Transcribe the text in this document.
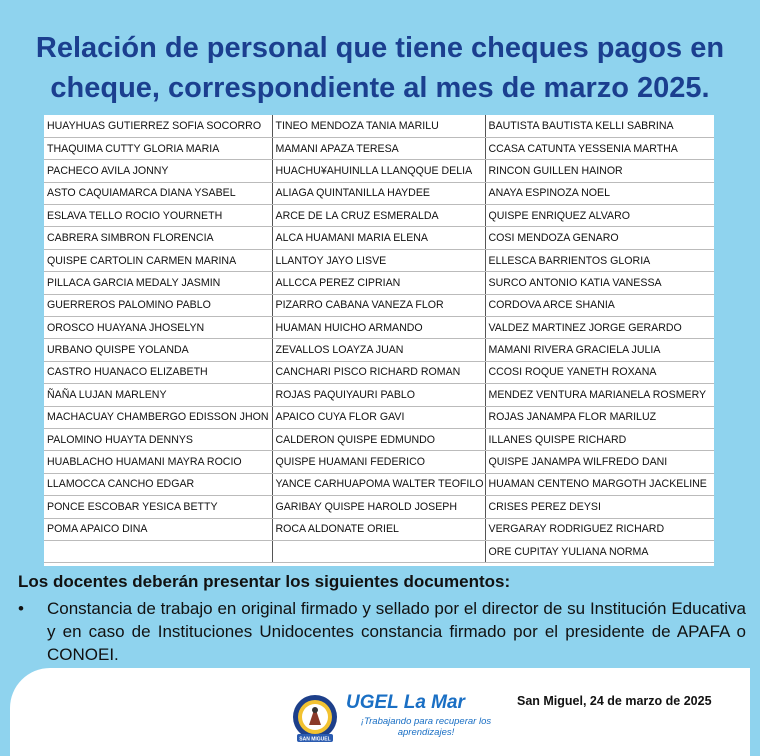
Relación de personal que tiene cheques pagos en
cheque, correspondiente al mes de marzo 2025.
HUAYHUAS GUTIERREZ SOFIA SOCORRO	TINEO MENDOZA TANIA MARILU	BAUTISTA BAUTISTA KELLI SABRINA
THAQUIMA CUTTY GLORIA MARIA	MAMANI APAZA TERESA	CCASA CATUNTA YESSENIA MARTHA
PACHECO AVILA JONNY	HUACHU¥AHUINLLA LLANQQUE DELIA	RINCON GUILLEN HAINOR
ASTO CAQUIAMARCA DIANA YSABEL	ALIAGA QUINTANILLA HAYDEE	ANAYA ESPINOZA NOEL
ESLAVA TELLO ROCIO YOURNETH	ARCE DE LA CRUZ ESMERALDA	QUISPE ENRIQUEZ ALVARO
CABRERA SIMBRON FLORENCIA	ALCA HUAMANI MARIA ELENA	COSI MENDOZA GENARO
QUISPE CARTOLIN CARMEN MARINA	LLANTOY JAYO LISVE	ELLESCA BARRIENTOS GLORIA
PILLACA GARCIA MEDALY JASMIN	ALLCCA PEREZ CIPRIAN	SURCO ANTONIO KATIA VANESSA
GUERREROS PALOMINO PABLO	PIZARRO CABANA VANEZA FLOR	CORDOVA ARCE SHANIA
OROSCO HUAYANA JHOSELYN	HUAMAN HUICHO ARMANDO	VALDEZ MARTINEZ JORGE GERARDO
URBANO QUISPE YOLANDA	ZEVALLOS LOAYZA JUAN	MAMANI RIVERA GRACIELA JULIA
CASTRO HUANACO ELIZABETH	CANCHARI PISCO RICHARD ROMAN	CCOSI ROQUE YANETH ROXANA
ÑAÑA LUJAN MARLENY	ROJAS PAQUIYAURI PABLO	MENDEZ VENTURA MARIANELA ROSMERY
MACHACUAY CHAMBERGO EDISSON JHON	APAICO CUYA FLOR GAVI	ROJAS JANAMPA FLOR MARILUZ
PALOMINO HUAYTA DENNYS	CALDERON QUISPE EDMUNDO	ILLANES QUISPE RICHARD
HUABLACHO HUAMANI MAYRA ROCIO	QUISPE HUAMANI FEDERICO	QUISPE JANAMPA WILFREDO DANI
LLAMOCCA CANCHO EDGAR	YANCE CARHUAPOMA WALTER TEOFILO	HUAMAN CENTENO MARGOTH JACKELINE
PONCE ESCOBAR YESICA BETTY	GARIBAY QUISPE HAROLD JOSEPH	CRISES PEREZ DEYSI
POMA APAICO DINA	ROCA ALDONATE ORIEL	VERGARAY RODRIGUEZ RICHARD
		ORE CUPITAY YULIANA NORMA
Los docentes deberán presentar los siguientes documentos:
• Constancia de trabajo en original firmado y sellado por el director de su Institución Educativa y en caso de Instituciones Unidocentes constancia firmado por el presidente de APAFA o CONOEI.
SAN MIGUEL
UGEL La Mar
¡Trabajando para recuperar los aprendizajes!
San Miguel, 24 de marzo de 2025
